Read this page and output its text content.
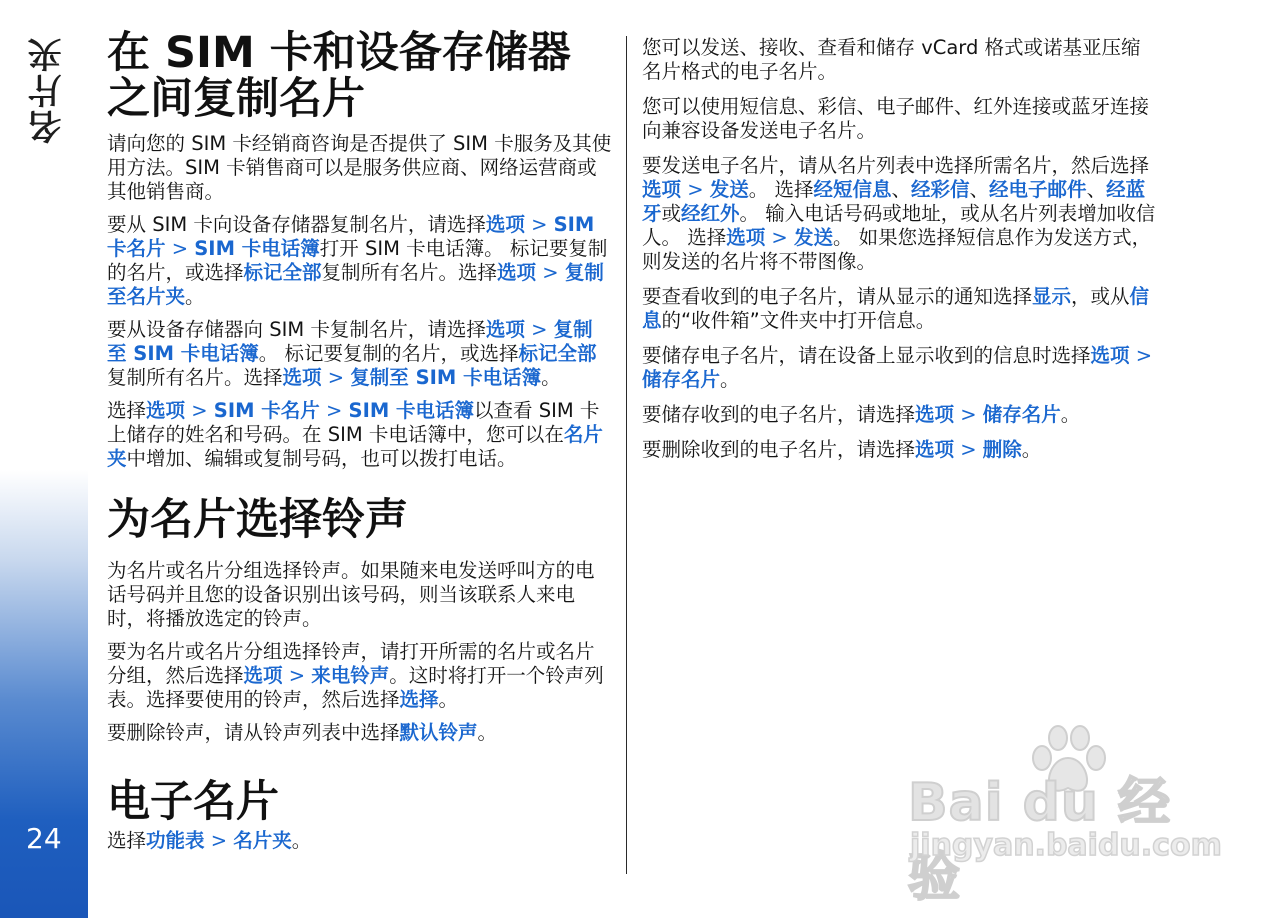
名片夹
24
在 SIM 卡和设备存储器之间复制名片

请向您的 SIM 卡经销商咨询是否提供了 SIM 卡服务及其使用方法。SIM 卡销售商可以是服务供应商、网络运营商或其他销售商。

要从 SIM 卡向设备存储器复制名片，请选择选项 > SIM 卡名片 > SIM 卡电话簿打开 SIM 卡电话簿。 标记要复制的名片，或选择标记全部复制所有名片。选择选项 > 复制至名片夹。

要从设备存储器向 SIM 卡复制名片，请选择选项 > 复制至 SIM 卡电话簿。 标记要复制的名片，或选择标记全部复制所有名片。选择选项 > 复制至 SIM 卡电话簿。

选择选项 > SIM 卡名片 > SIM 卡电话簿以查看 SIM 卡上储存的姓名和号码。在 SIM 卡电话簿中，您可以在名片夹中增加、编辑或复制号码，也可以拨打电话。

为名片选择铃声

为名片或名片分组选择铃声。如果随来电发送呼叫方的电话号码并且您的设备识别出该号码，则当该联系人来电时，将播放选定的铃声。

要为名片或名片分组选择铃声，请打开所需的名片或名片分组，然后选择选项 > 来电铃声。这时将打开一个铃声列表。选择要使用的铃声，然后选择选择。

要删除铃声，请从铃声列表中选择默认铃声。

电子名片

选择功能表 > 名片夹。

您可以发送、接收、查看和储存 vCard 格式或诺基亚压缩名片格式的电子名片。

您可以使用短信息、彩信、电子邮件、红外连接或蓝牙连接向兼容设备发送电子名片。

要发送电子名片，请从名片列表中选择所需名片，然后选择选项 > 发送。 选择经短信息、经彩信、经电子邮件、经蓝牙或经红外。 输入电话号码或地址，或从名片列表增加收信人。 选择选项 > 发送。 如果您选择短信息作为发送方式，则发送的名片将不带图像。

要查看收到的电子名片，请从显示的通知选择显示，或从信息的“收件箱”文件夹中打开信息。

要储存电子名片，请在设备上显示收到的信息时选择选项 > 储存名片。

要储存收到的电子名片，请选择选项 > 储存名片。

要删除收到的电子名片，请选择选项 > 删除。

Bai du 经验
jingyan.baidu.com
